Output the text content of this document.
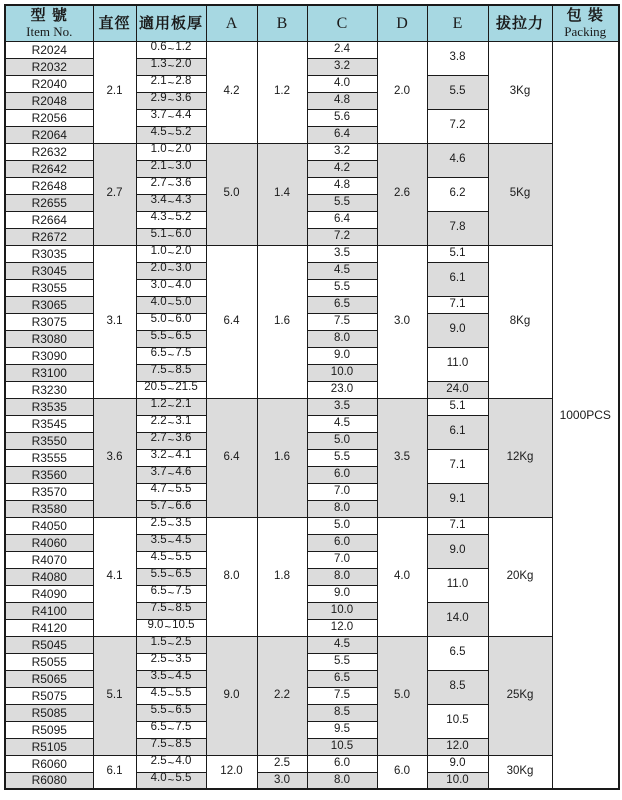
型 號
Item No.	直徑	適用板厚	A	B	C	D	E	拔拉力	包 裝
Packing

R2024	2.1	0.6~1.2	4.2	1.2	2.4	2.0	3.8	3Kg	1000PCS
R2032		1.3~2.0			3.2				
R2040		2.1~2.8			4.0		5.5		
R2048		2.9~3.6			4.8				
R2056		3.7~4.4			5.6		7.2		
R2064		4.5~5.2			6.4				
R2632	2.7	1.0~2.0	5.0	1.4	3.2	2.6	4.6	5Kg	
R2642		2.1~3.0			4.2				
R2648		2.7~3.6			4.8		6.2		
R2655		3.4~4.3			5.5				
R2664		4.3~5.2			6.4		7.8		
R2672		5.1~6.0			7.2				
R3035	3.1	1.0~2.0	6.4	1.6	3.5	3.0	5.1	8Kg	
R3045		2.0~3.0			4.5		6.1		
R3055		3.0~4.0			5.5				
R3065		4.0~5.0			6.5		7.1		
R3075		5.0~6.0			7.5		9.0		
R3080		5.5~6.5			8.0				
R3090		6.5~7.5			9.0		11.0		
R3100		7.5~8.5			10.0				
R3230		20.5~21.5			23.0		24.0		
R3535	3.6	1.2~2.1	6.4	1.6	3.5	3.5	5.1	12Kg	
R3545		2.2~3.1			4.5		6.1		
R3550		2.7~3.6			5.0				
R3555		3.2~4.1			5.5		7.1		
R3560		3.7~4.6			6.0				
R3570		4.7~5.5			7.0		9.1		
R3580		5.7~6.6			8.0				
R4050	4.1	2.5~3.5	8.0	1.8	5.0	4.0	7.1	20Kg	
R4060		3.5~4.5			6.0		9.0		
R4070		4.5~5.5			7.0				
R4080		5.5~6.5			8.0		11.0		
R4090		6.5~7.5			9.0				
R4100		7.5~8.5			10.0		14.0		
R4120		9.0~10.5			12.0				
R5045	5.1	1.5~2.5	9.0	2.2	4.5	5.0	6.5	25Kg	
R5055		2.5~3.5			5.5				
R5065		3.5~4.5			6.5		8.5		
R5075		4.5~5.5			7.5				
R5085		5.5~6.5			8.5		10.5		
R5095		6.5~7.5			9.5				
R5105		7.5~8.5			10.5		12.0		
R6060	6.1	2.5~4.0	12.0	2.5	6.0	6.0	9.0	30Kg	
R6080		4.0~5.5		3.0	8.0		10.0		
